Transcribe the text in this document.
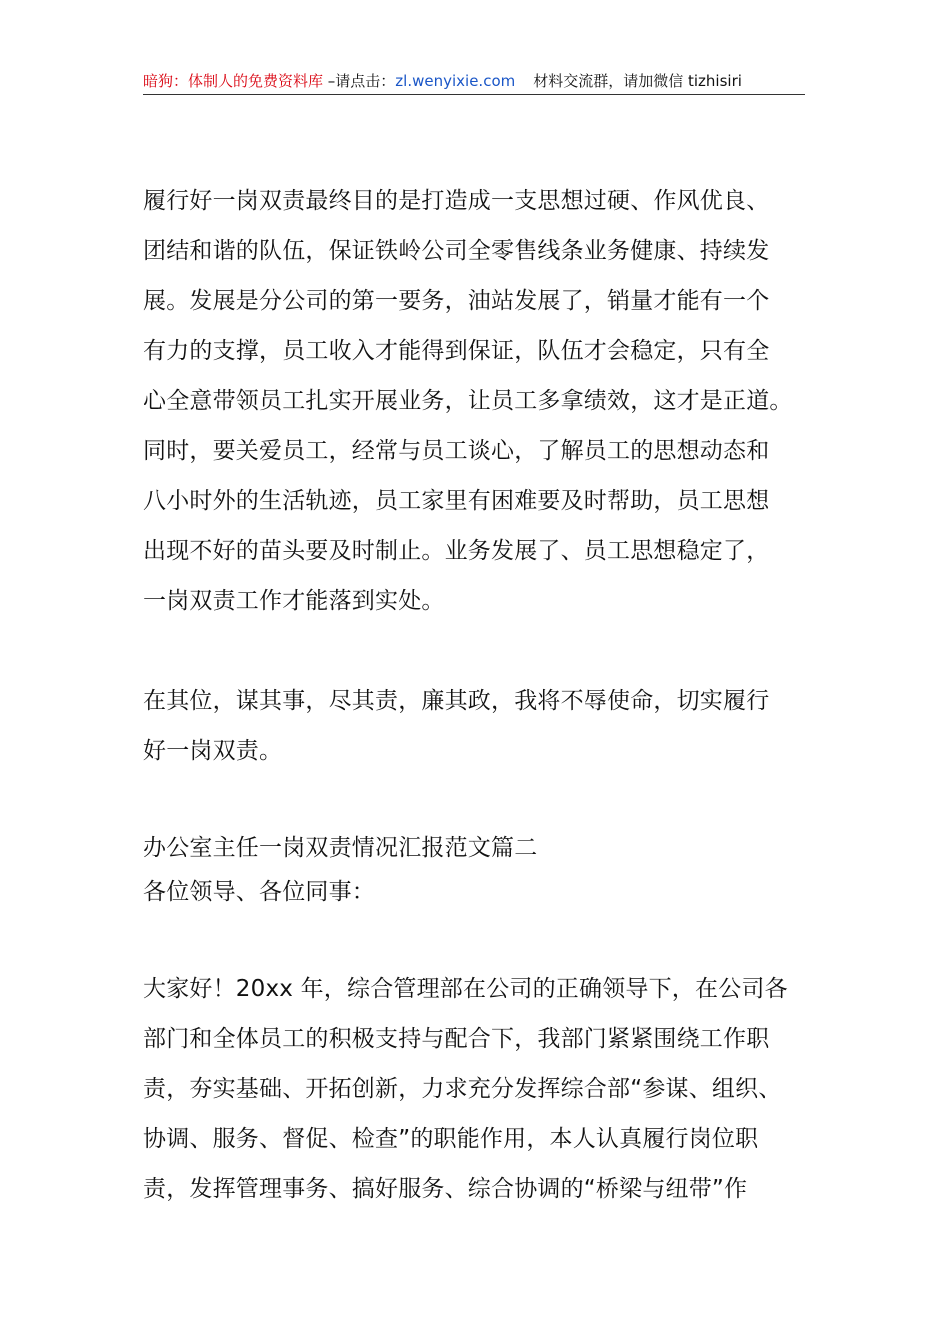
暗狗：体制人的免费资料库 –请点击：zl.wenyixie.com 材料交流群，请加微信 tizhisiri
履行好一岗双责最终目的是打造成一支思想过硬、作风优良、
团结和谐的队伍，保证铁岭公司全零售线条业务健康、持续发
展。发展是分公司的第一要务，油站发展了，销量才能有一个
有力的支撑，员工收入才能得到保证，队伍才会稳定，只有全
心全意带领员工扎实开展业务，让员工多拿绩效，这才是正道。
同时，要关爱员工，经常与员工谈心，了解员工的思想动态和
八小时外的生活轨迹，员工家里有困难要及时帮助，员工思想
出现不好的苗头要及时制止。业务发展了、员工思想稳定了，
一岗双责工作才能落到实处。
在其位，谋其事，尽其责，廉其政，我将不辱使命，切实履行
好一岗双责。
办公室主任一岗双责情况汇报范文篇二
各位领导、各位同事：
大家好！20xx 年，综合管理部在公司的正确领导下，在公司各
部门和全体员工的积极支持与配合下，我部门紧紧围绕工作职
责，夯实基础、开拓创新，力求充分发挥综合部“参谋、组织、
协调、服务、督促、检查”的职能作用，本人认真履行岗位职
责，发挥管理事务、搞好服务、综合协调的“桥梁与纽带”作
